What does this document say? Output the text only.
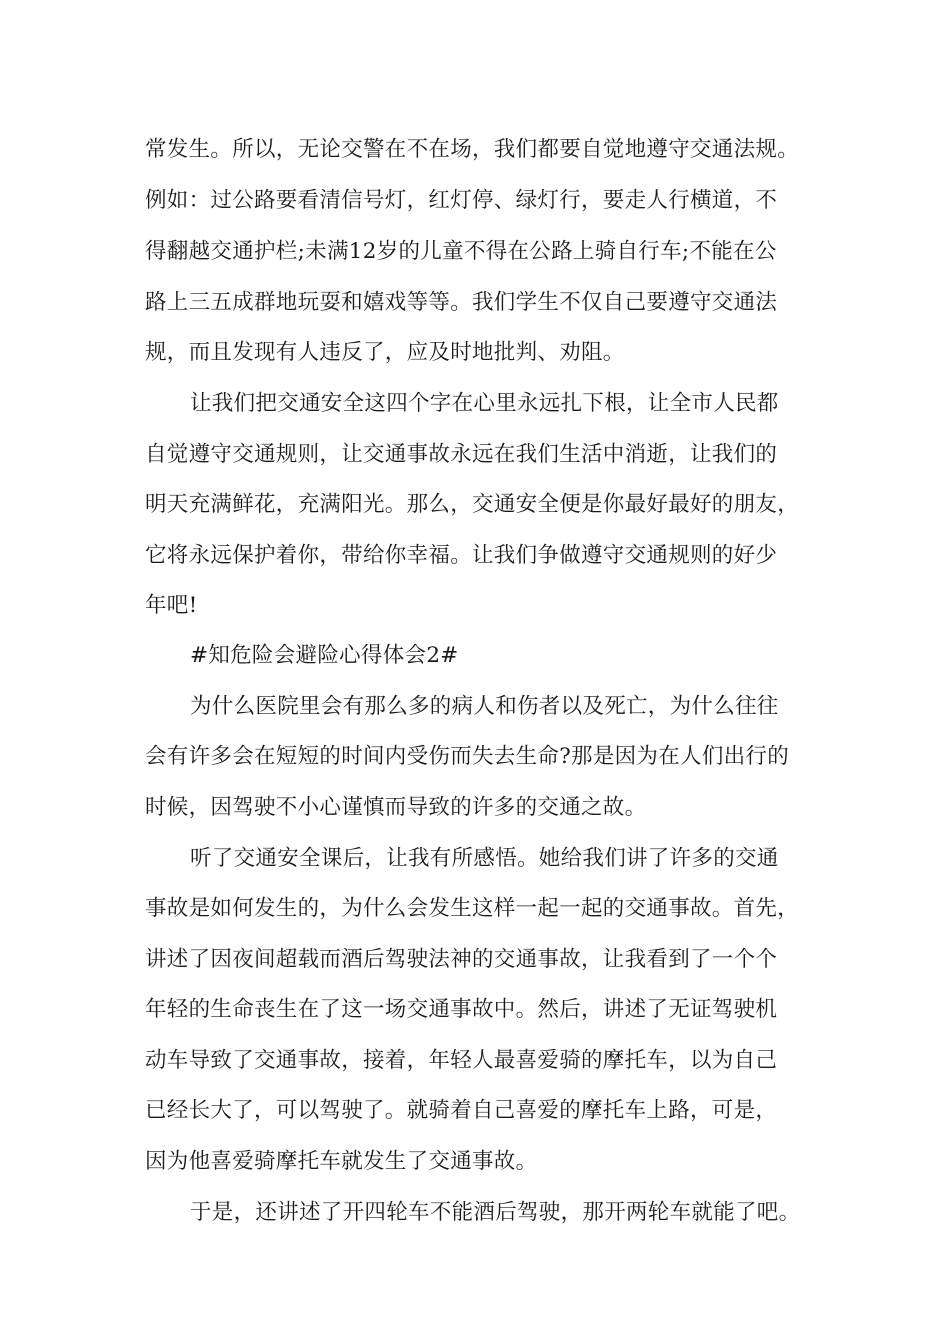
常发生。所以，无论交警在不在场，我们都要自觉地遵守交通法规。
例如：过公路要看清信号灯，红灯停、绿灯行，要走人行横道，不
得翻越交通护栏;未满12岁的儿童不得在公路上骑自行车;不能在公
路上三五成群地玩耍和嬉戏等等。我们学生不仅自己要遵守交通法
规，而且发现有人违反了，应及时地批判、劝阻。
让我们把交通安全这四个字在心里永远扎下根，让全市人民都
自觉遵守交通规则，让交通事故永远在我们生活中消逝，让我们的
明天充满鲜花，充满阳光。那么，交通安全便是你最好最好的朋友，
它将永远保护着你，带给你幸福。让我们争做遵守交通规则的好少
年吧!
#知危险会避险心得体会2#
为什么医院里会有那么多的病人和伤者以及死亡，为什么往往
会有许多会在短短的时间内受伤而失去生命?那是因为在人们出行的
时候，因驾驶不小心谨慎而导致的许多的交通之故。
听了交通安全课后，让我有所感悟。她给我们讲了许多的交通
事故是如何发生的，为什么会发生这样一起一起的交通事故。首先，
讲述了因夜间超载而酒后驾驶法神的交通事故，让我看到了一个个
年轻的生命丧生在了这一场交通事故中。然后，讲述了无证驾驶机
动车导致了交通事故，接着，年轻人最喜爱骑的摩托车，以为自己
已经长大了，可以驾驶了。就骑着自己喜爱的摩托车上路，可是，
因为他喜爱骑摩托车就发生了交通事故。
于是，还讲述了开四轮车不能酒后驾驶，那开两轮车就能了吧。
